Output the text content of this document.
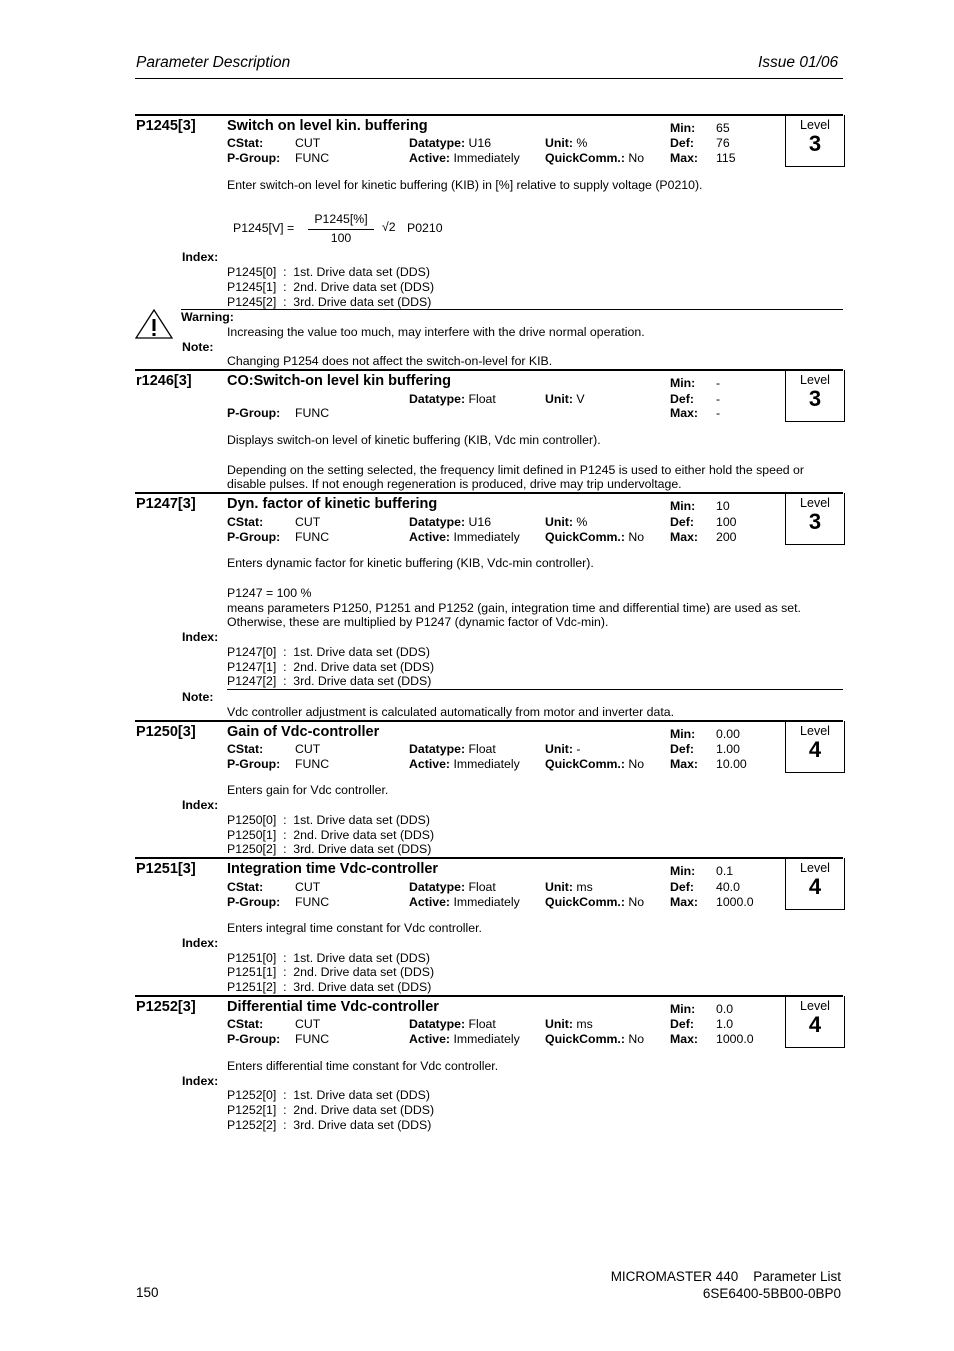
Parameter Description	Issue 01/06
P1245[3] Switch on level kin. buffering
CStat:	CUT	Datatype: U16	Unit: %
P-Group: FUNC	Active: Immediately QuickComm.: No
Min: 65
Def: 76
Max: 115
Level
3
Enter switch-on level for kinetic buffering (KIB) in [%] relative to supply voltage (P0210).
P1245[V] =
P1245[%]
100
√2 P0210
Index:
P1245[0]  :  1st. Drive data set (DDS)
P1245[1]  :  2nd. Drive data set (DDS)
P1245[2]  :  3rd. Drive data set (DDS)
Warning:
Increasing the value too much, may interfere with the drive normal operation.
Note:
Changing P1254 does not affect the switch-on-level for KIB.
r1246[3] CO:Switch-on level kin buffering
Datatype: Float	Unit: V
P-Group: FUNC
Min: -
Def: -
Max: -
Level
3
Displays switch-on level of kinetic buffering (KIB, Vdc min controller).
Depending on the setting selected, the frequency limit defined in P1245 is used to either hold the speed or
disable pulses. If not enough regeneration is produced, drive may trip undervoltage.
P1247[3] Dyn. factor of kinetic buffering
CStat:	CUT	Datatype: U16	Unit: %
P-Group: FUNC	Active: Immediately QuickComm.: No
Min: 10
Def: 100
Max: 200
Level
3
Enters dynamic factor for kinetic buffering (KIB, Vdc-min controller).
P1247 = 100 %
means parameters P1250, P1251 and P1252 (gain, integration time and differential time) are used as set.
Otherwise, these are multiplied by P1247 (dynamic factor of Vdc-min).
Index:
P1247[0]  :  1st. Drive data set (DDS)
P1247[1]  :  2nd. Drive data set (DDS)
P1247[2]  :  3rd. Drive data set (DDS)
Note:
Vdc controller adjustment is calculated automatically from motor and inverter data.
P1250[3] Gain of Vdc-controller
CStat:	CUT	Datatype: Float	Unit: -
P-Group: FUNC	Active: Immediately QuickComm.: No
Min: 0.00
Def: 1.00
Max: 10.00
Level
4
Enters gain for Vdc controller.
Index:
P1250[0]  :  1st. Drive data set (DDS)
P1250[1]  :  2nd. Drive data set (DDS)
P1250[2]  :  3rd. Drive data set (DDS)
P1251[3] Integration time Vdc-controller
CStat:	CUT	Datatype: Float	Unit: ms
P-Group: FUNC	Active: Immediately QuickComm.: No
Min: 0.1
Def: 40.0
Max: 1000.0
Level
4
Enters integral time constant for Vdc controller.
Index:
P1251[0]  :  1st. Drive data set (DDS)
P1251[1]  :  2nd. Drive data set (DDS)
P1251[2]  :  3rd. Drive data set (DDS)
P1252[3] Differential time Vdc-controller
CStat:	CUT	Datatype: Float	Unit: ms
P-Group: FUNC	Active: Immediately QuickComm.: No
Min: 0.0
Def: 1.0
Max: 1000.0
Level
4
Enters differential time constant for Vdc controller.
Index:
P1252[0]  :  1st. Drive data set (DDS)
P1252[1]  :  2nd. Drive data set (DDS)
P1252[2]  :  3rd. Drive data set (DDS)
150
MICROMASTER 440    Parameter List
6SE6400-5BB00-0BP0
